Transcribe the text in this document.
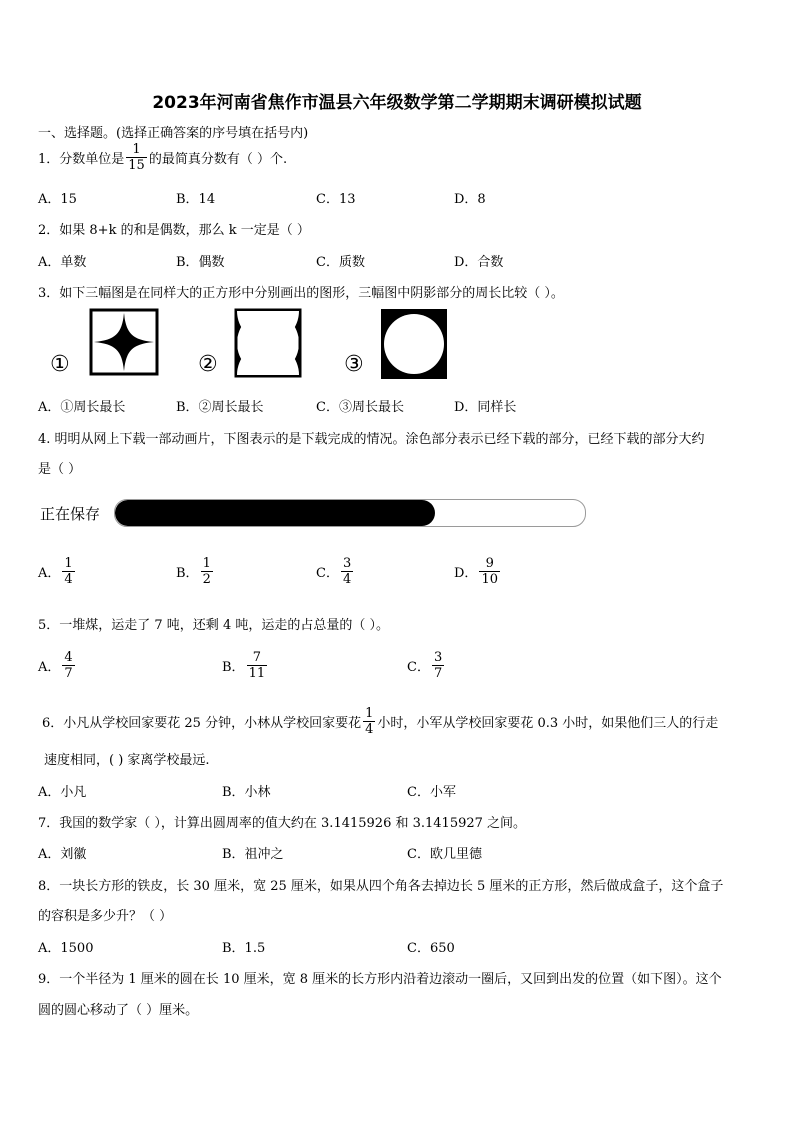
2023年河南省焦作市温县六年级数学第二学期期末调研模拟试题
一、选择题。(选择正确答案的序号填在括号内)
1．分数单位是 $\frac{1}{15}$ 的最简真分数有（ ）个.
A．15	B．14	C．13	D．8
2．如果 8+k 的和是偶数，那么 k 一定是（ ）
A．单数	B．偶数	C．质数	D．合数
3．如下三幅图是在同样大的正方形中分别画出的图形，三幅图中阴影部分的周长比较（ ）。
①	②	③
A．①周长最长	B．②周长最长	C．③周长最长	D．同样长
4. 明明从网上下载一部动画片，下图表示的是下载完成的情况。涂色部分表示已经下载的部分，已经下载的部分大约
是（ ）
正在保存
A． $\frac{1}{4}$	B． $\frac{1}{2}$	C． $\frac{3}{4}$	D． $\frac{9}{10}$
5．一堆煤，运走了 7 吨，还剩 4 吨，运走的占总量的（ ）。
A． $\frac{4}{7}$	B． $\frac{7}{11}$	C． $\frac{3}{7}$
6．小凡从学校回家要花 25 分钟，小林从学校回家要花 $\frac{1}{4}$ 小时，小军从学校回家要花 0.3 小时，如果他们三人的行走
速度相同，( ) 家离学校最远.
A．小凡	B．小林	C．小军
7．我国的数学家（ ），计算出圆周率的值大约在 3.1415926 和 3.1415927 之间。
A．刘徽	B．祖冲之	C．欧几里德
8．一块长方形的铁皮，长 30 厘米，宽 25 厘米，如果从四个角各去掉边长 5 厘米的正方形，然后做成盒子，这个盒子
的容积是多少升？（ ）
A．1500	B．1.5	C．650
9．一个半径为 1 厘米的圆在长 10 厘米，宽 8 厘米的长方形内沿着边滚动一圈后，又回到出发的位置（如下图）。这个
圆的圆心移动了（ ）厘米。
